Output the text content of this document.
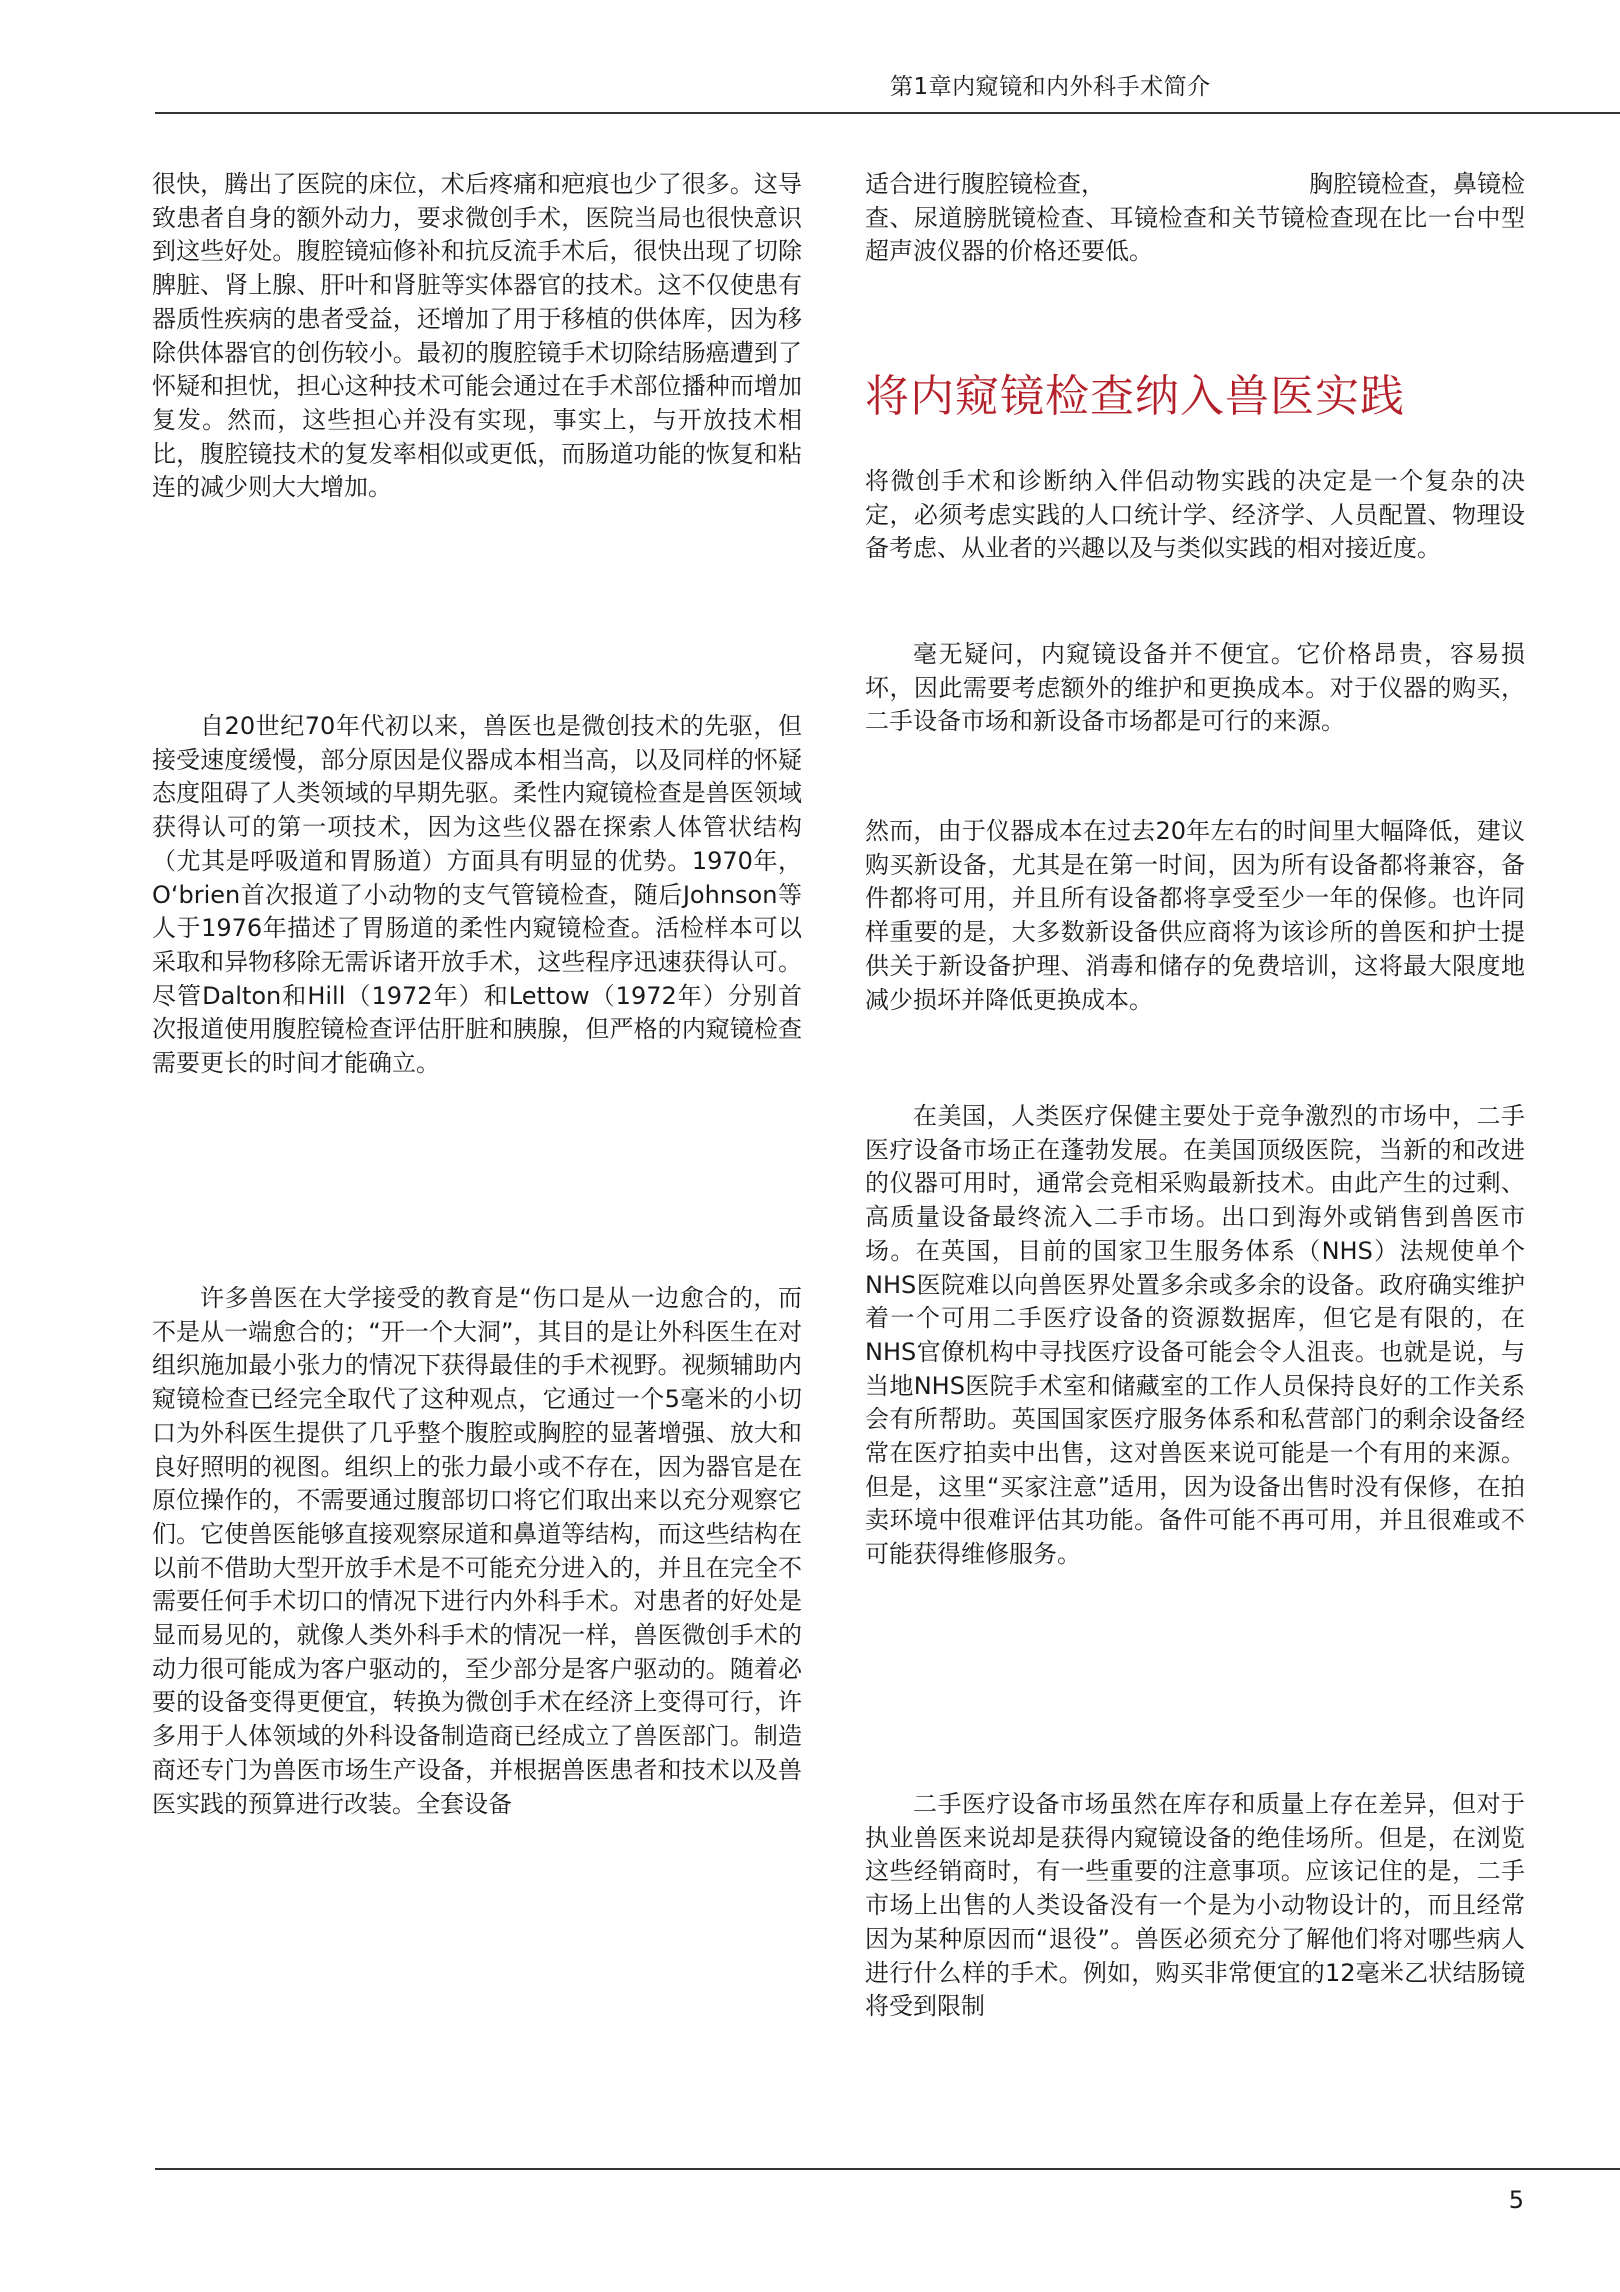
第1章内窥镜和内外科手术简介

很快，腾出了医院的床位，术后疼痛和疤痕也少了很多。这导致患者自身的额外动力，要求微创手术，医院当局也很快意识到这些好处。腹腔镜疝修补和抗反流手术后，很快出现了切除脾脏、肾上腺、肝叶和肾脏等实体器官的技术。这不仅使患有器质性疾病的患者受益，还增加了用于移植的供体库，因为移除供体器官的创伤较小。最初的腹腔镜手术切除结肠癌遭到了怀疑和担忧，担心这种技术可能会通过在手术部位播种而增加复发。然而，这些担心并没有实现，事实上，与开放技术相比，腹腔镜技术的复发率相似或更低，而肠道功能的恢复和粘连的减少则大大增加。

自20世纪70年代初以来，兽医也是微创技术的先驱，但接受速度缓慢，部分原因是仪器成本相当高，以及同样的怀疑态度阻碍了人类领域的早期先驱。柔性内窥镜检查是兽医领域获得认可的第一项技术，因为这些仪器在探索人体管状结构（尤其是呼吸道和胃肠道）方面具有明显的优势。1970年，O‘brien首次报道了小动物的支气管镜检查，随后Johnson等人于1976年描述了胃肠道的柔性内窥镜检查。活检样本可以采取和异物移除无需诉诸开放手术，这些程序迅速获得认可。尽管Dalton和Hill（1972年）和Lettow（1972年）分别首次报道使用腹腔镜检查评估肝脏和胰腺，但严格的内窥镜检查需要更长的时间才能确立。

许多兽医在大学接受的教育是“伤口是从一边愈合的，而不是从一端愈合的；“开一个大洞”，其目的是让外科医生在对组织施加最小张力的情况下获得最佳的手术视野。视频辅助内窥镜检查已经完全取代了这种观点，它通过一个5毫米的小切口为外科医生提供了几乎整个腹腔或胸腔的显著增强、放大和良好照明的视图。组织上的张力最小或不存在，因为器官是在原位操作的，不需要通过腹部切口将它们取出来以充分观察它们。它使兽医能够直接观察尿道和鼻道等结构，而这些结构在以前不借助大型开放手术是不可能充分进入的，并且在完全不需要任何手术切口的情况下进行内外科手术。对患者的好处是显而易见的，就像人类外科手术的情况一样，兽医微创手术的动力很可能成为客户驱动的，至少部分是客户驱动的。随着必要的设备变得更便宜，转换为微创手术在经济上变得可行，许多用于人体领域的外科设备制造商已经成立了兽医部门。制造商还专门为兽医市场生产设备，并根据兽医患者和技术以及兽医实践的预算进行改装。全套设备

适合进行腹腔镜检查，　　　　　　　　　胸腔镜检查，鼻镜检查、尿道膀胱镜检查、耳镜检查和关节镜检查现在比一台中型超声波仪器的价格还要低。

将内窥镜检查纳入兽医实践

将微创手术和诊断纳入伴侣动物实践的决定是一个复杂的决定，必须考虑实践的人口统计学、经济学、人员配置、物理设备考虑、从业者的兴趣以及与类似实践的相对接近度。

毫无疑问，内窥镜设备并不便宜。它价格昂贵，容易损坏，因此需要考虑额外的维护和更换成本。对于仪器的购买，二手设备市场和新设备市场都是可行的来源。

然而，由于仪器成本在过去20年左右的时间里大幅降低，建议购买新设备，尤其是在第一时间，因为所有设备都将兼容，备件都将可用，并且所有设备都将享受至少一年的保修。也许同样重要的是，大多数新设备供应商将为该诊所的兽医和护士提供关于新设备护理、消毒和储存的免费培训，这将最大限度地减少损坏并降低更换成本。

在美国，人类医疗保健主要处于竞争激烈的市场中，二手医疗设备市场正在蓬勃发展。在美国顶级医院，当新的和改进的仪器可用时，通常会竞相采购最新技术。由此产生的过剩、高质量设备最终流入二手市场。出口到海外或销售到兽医市场。在英国，目前的国家卫生服务体系（NHS）法规使单个NHS医院难以向兽医界处置多余或多余的设备。政府确实维护着一个可用二手医疗设备的资源数据库，但它是有限的，在NHS官僚机构中寻找医疗设备可能会令人沮丧。也就是说，与当地NHS医院手术室和储藏室的工作人员保持良好的工作关系会有所帮助。英国国家医疗服务体系和私营部门的剩余设备经常在医疗拍卖中出售，这对兽医来说可能是一个有用的来源。但是，这里“买家注意”适用，因为设备出售时没有保修，在拍卖环境中很难评估其功能。备件可能不再可用，并且很难或不可能获得维修服务。

二手医疗设备市场虽然在库存和质量上存在差异，但对于执业兽医来说却是获得内窥镜设备的绝佳场所。但是，在浏览这些经销商时，有一些重要的注意事项。应该记住的是，二手市场上出售的人类设备没有一个是为小动物设计的，而且经常因为某种原因而“退役”。兽医必须充分了解他们将对哪些病人进行什么样的手术。例如，购买非常便宜的12毫米乙状结肠镜将受到限制

5
